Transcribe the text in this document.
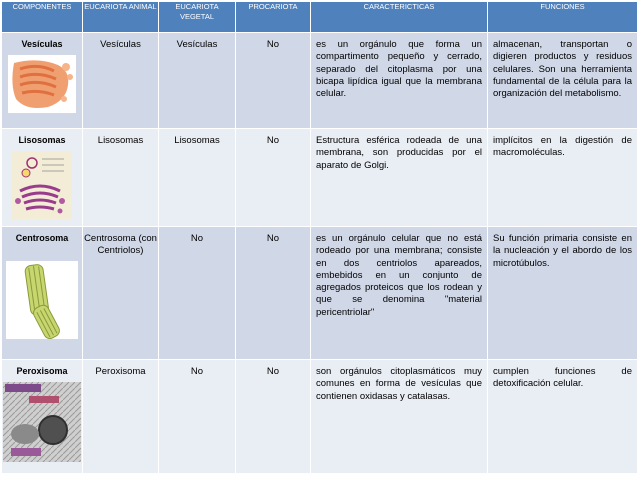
COMPONENTES	EUCARIOTA ANIMAL	EUCARIOTA VEGETAL	PROCARIOTA	CARACTERICTICAS	FUNCIONES

Vesículas	Vesículas	Vesículas	No	es un orgánulo que forma un compartimento pequeño y cerrado, separado del citoplasma por una bicapa lipídica igual que la membrana celular.	almacenan, transportan o digieren productos y residuos celulares. Son una herramienta fundamental de la célula para la organización del metabolismo.

Lisosomas	Lisosomas	Lisosomas	No	Estructura esférica rodeada de una membrana, son producidas por el aparato de Golgi.	implícitos en la digestión de macromoléculas.

Centrosoma	Centrosoma (con Centriolos)	No	No	es un orgánulo celular que no está rodeado por una membrana; consiste en dos centriolos apareados, embebidos en un conjunto de agregados proteicos que los rodean y que se denomina "material pericentriolar"	Su función primaria consiste en la nucleación y el abordo de los microtúbulos.

Peroxisoma	Peroxisoma	No	No	son orgánulos citoplasmáticos muy comunes en forma de vesículas que contienen oxidasas y catalasas.	cumplen funciones de detoxificación celular.
